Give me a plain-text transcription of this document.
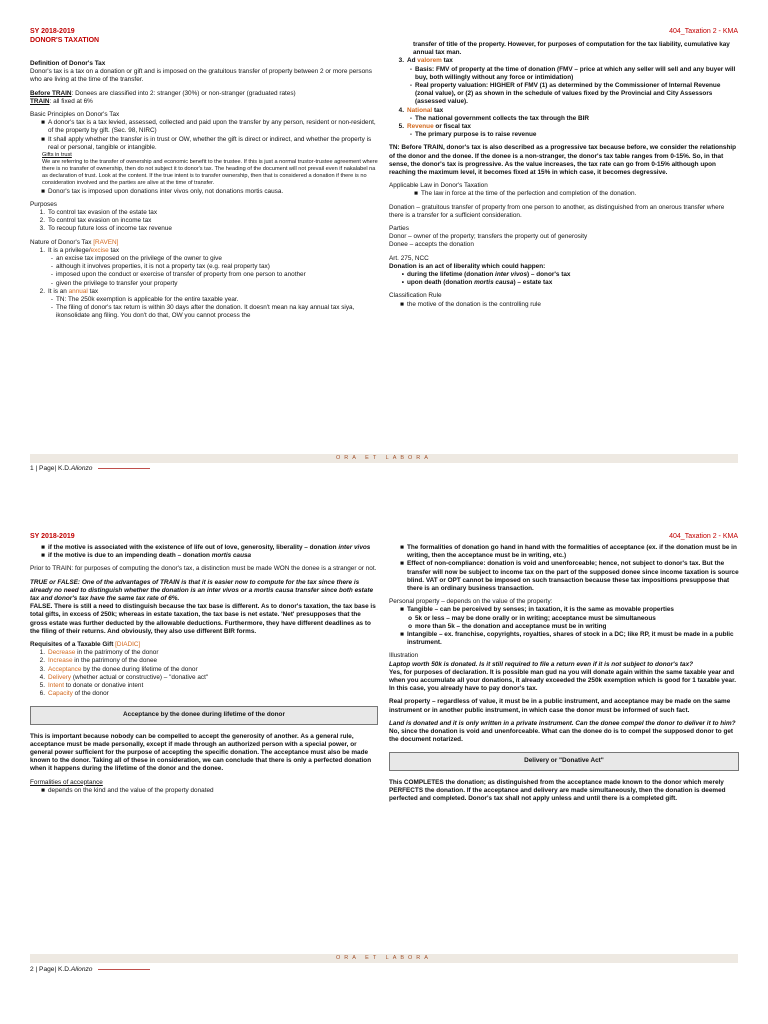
SY 2018-2019
DONOR'S TAXATION
404_Taxation 2 - KMA

Definition of Donor's Tax

Donor's tax is a tax on a donation or gift and is imposed on the gratuitous transfer of property between 2 or more persons who are living at the time of the transfer.

Before TRAIN: Donees are classified into 2: stranger (30%) or non-stranger (graduated rates)

TRAIN: all fixed at 6%

Basic Principles on Donor's Tax

■ A donor's tax is a tax levied, assessed, collected and paid upon the transfer by any person, resident or non-resident, of the property by gift. (Sec. 98, NIRC)
■ It shall apply whether the transfer is in trust or OW, whether the gift is direct or indirect, and whether the property is real or personal, tangible or intangible.

Gifts in trust

We are referring to the transfer of ownership and economic benefit to the trustee. If this is just a normal trustor-trustee agreement where there is no transfer of ownership, then do not subject it to donor's tax. The heading of the document will not prevail even if nakalabel na as declaration of trust. Look at the content. If the true intent is to transfer ownership, then that is considered a donation if there is no consideration involved and the parties are alive at the time of transfer.

■ Donor's tax is imposed upon donations inter vivos only, not donations mortis causa.

Purposes

1. To control tax evasion of the estate tax
2. To control tax evasion on income tax
3. To recoup future loss of income tax revenue

Nature of Donor's Tax [RAVEN]

1. It is a privilege/excise tax
- an excise tax imposed on the privilege of the owner to give
- although it involves properties, it is not a property tax (e.g. real property tax)
- imposed upon the conduct or exercise of transfer of property from one person to another
- given the privilege to transfer your property
2. It is an annual tax
- TN: The 250k exemption is applicable for the entire taxable year.
- The filing of donor's tax return is within 30 days after the donation. It doesn't mean na kay annual tax siya, ikonsolidate ang filing. You don't do that, OW you cannot process the

transfer of title of the property. However, for purposes of computation for the tax liability, cumulative kay annual tax man.

3. Ad valorem tax
- Basis: FMV of property at the time of donation (FMV – price at which any seller will sell and any buyer will buy, both willingly without any force or intimidation)
- Real property valuation: HIGHER of FMV (1) as determined by the Commissioner of Internal Revenue (zonal value), or (2) as shown in the schedule of values fixed by the Provincial and City Assessors (assessed value).
4. National tax
- The national government collects the tax through the BIR
5. Revenue or fiscal tax
- The primary purpose is to raise revenue

TN: Before TRAIN, donor's tax is also described as a progressive tax because before, we consider the relationship of the donor and the donee. If the donee is a non-stranger, the donor's tax table ranges from 0-15%. So, in that sense, the donor's tax is progressive. As the value increases, the tax rate can go from 0-15% although upon reaching the maximum level, it becomes fixed at 15% in which case, it becomes degressive.

Applicable Law in Donor's Taxation

■ The law in force at the time of the perfection and completion of the donation.

Donation – gratuitous transfer of property from one person to another, as distinguished from an onerous transfer where there is a transfer for a sufficient consideration.

Parties

Donor – owner of the property; transfers the property out of generosity

Donee – accepts the donation

Art. 275, NCC

Donation is an act of liberality which could happen:

• during the lifetime (donation inter vivos) – donor's tax
• upon death (donation mortis causa) – estate tax

Classification Rule

■ the motive of the donation is the controlling rule
ORA ET LABORA
1 | Page| K.D.Alionzo
SY 2018-2019	404_Taxation 2 - KMA
■ if the motive is associated with the existence of life out of love, generosity, liberality – donation inter vivos
■ if the motive is due to an impending death – donation mortis causa

Prior to TRAIN: for purposes of computing the donor's tax, a distinction must be made WON the donee is a stranger or not.

TRUE or FALSE: One of the advantages of TRAIN is that it is easier now to compute for the tax since there is already no need to distinguish whether the donation is an inter vivos or a mortis causa transfer since both estate tax and donor's tax have the same tax rate of 6%.

FALSE. There is still a need to distinguish because the tax base is different. As to donor's taxation, the tax base is total gifts, in excess of 250k; whereas in estate taxation, the tax base is net estate. 'Net' presupposes that the gross estate was further deducted by the allowable deductions. Furthermore, they have different deadlines as to the filing of their returns. And obviously, they also use different BIR forms.

Requisites of a Taxable Gift [DIADIC]

1. Decrease in the patrimony of the donor
2. Increase in the patrimony of the donee
3. Acceptance by the donee during lifetime of the donor
4. Delivery (whether actual or constructive) – "donative act"
5. Intent to donate or donative intent
6. Capacity of the donor
Acceptance by the donee during lifetime of the donor

This is important because nobody can be compelled to accept the generosity of another. As a general rule, acceptance must be made personally, except if made through an authorized person with a special power, or general power sufficient for the purpose of accepting the specific donation. The acceptance must also be made known to the donor. Taking all of these in consideration, we can conclude that there is only a perfected donation when it happens during the lifetime of the donor and the donee.

Formalities of acceptance

■ depends on the kind and the value of the property donated
■ The formalities of donation go hand in hand with the formalities of acceptance (ex. if the donation must be in writing, then the acceptance must be in writing, etc.)
■ Effect of non-compliance: donation is void and unenforceable; hence, not subject to donor's tax. But the transfer will now be subject to income tax on the part of the supposed donee since income taxation is source blind. VAT or OPT cannot be imposed on such transaction because these tax impositions presuppose that there is an ordinary business transaction.

Personal property – depends on the value of the property:

■ Tangible – can be perceived by senses; in taxation, it is the same as movable properties
o 5k or less – may be done orally or in writing; acceptance must be simultaneous
o more than 5k – the donation and acceptance must be in writing
■ Intangible – ex. franchise, copyrights, royalties, shares of stock in a DC; like RP, it must be made in a public instrument.

Illustration

Laptop worth 50k is donated. Is it still required to file a return even if it is not subject to donor's tax?

Yes, for purposes of declaration. It is possible man gud na you will donate again within the same taxable year and when you accumulate all your donations, it already exceeded the 250k exemption which is good for 1 taxable year. In this case, you already have to pay donor's tax.

Real property – regardless of value, it must be in a public instrument, and acceptance may be made on the same instrument or in another public instrument, in which case the donor must be informed of such fact.

Land is donated and it is only written in a private instrument. Can the donee compel the donor to deliver it to him?

No, since the donation is void and unenforceable. What can the donee do is to compel the supposed donor to get the document notarized.

Delivery or "Donative Act"

This COMPLETES the donation; as distinguished from the acceptance made known to the donor which merely PERFECTS the donation. If the acceptance and delivery are made simultaneously, then the donation is deemed perfected and completed. Donor's tax shall not apply unless and until there is a completed gift.

ORA ET LABORA
2 | Page| K.D.Alionzo
